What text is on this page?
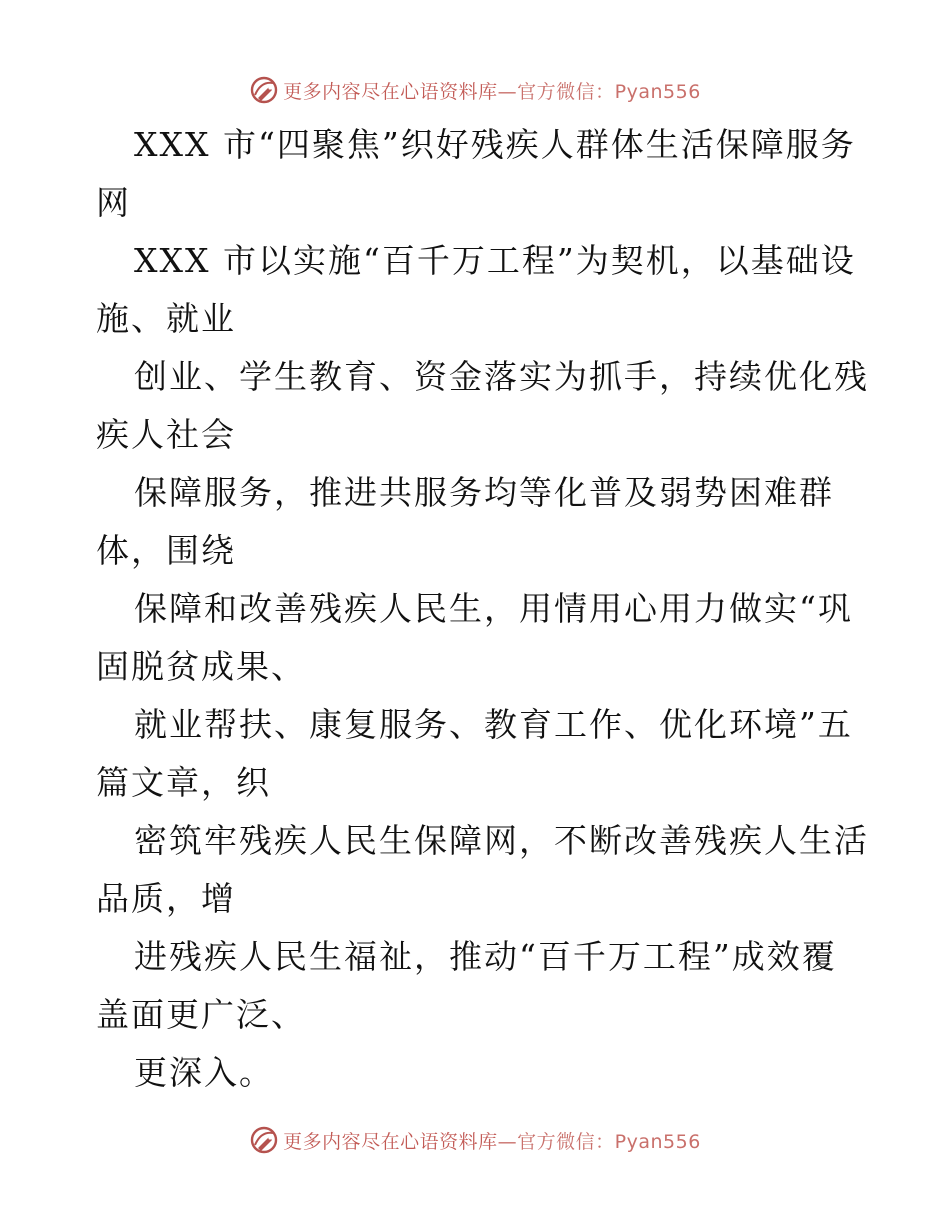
更多内容尽在心语资料库—官方微信：Pyan556
XXX 市“四聚焦”织好残疾人群体生活保障服务
网
XXX 市以实施“百千万工程”为契机，以基础设
施、就业
创业、学生教育、资金落实为抓手，持续优化残
疾人社会
保障服务，推进共服务均等化普及弱势困难群
体，围绕
保障和改善残疾人民生，用情用心用力做实“巩
固脱贫成果、
就业帮扶、康复服务、教育工作、优化环境”五
篇文章，织
密筑牢残疾人民生保障网，不断改善残疾人生活
品质，增
进残疾人民生福祉，推动“百千万工程”成效覆
盖面更广泛、
更深入。
更多内容尽在心语资料库—官方微信：Pyan556
